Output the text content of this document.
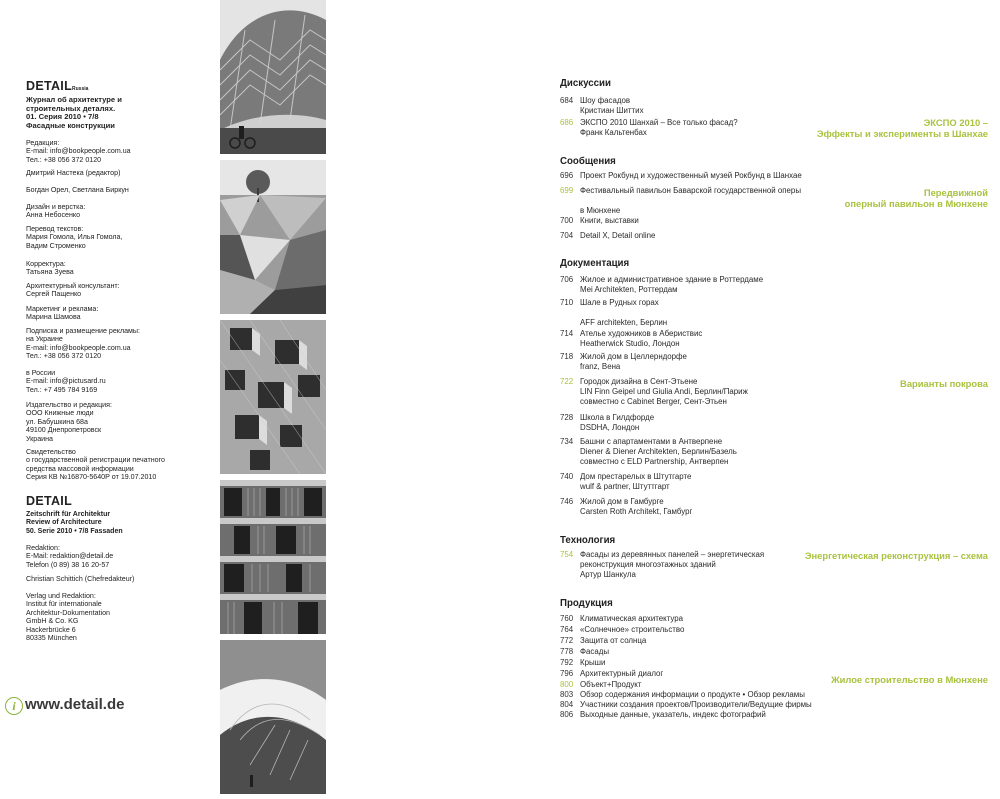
DETAILRussia
Журнал об архитектуре и
строительных деталях.
01. Серия 2010 • 7/8
Фасадные конструкции
Редакция:
E-mail: info@bookpeople.com.ua
Тел.: +38 056 372 0120
Дмитрий Настека (редактор)
Богдан Орел, Светлана Биркун
Дизайн и верстка:
Анна Небосенко
Перевод текстов:
Мария Гомола, Илья Гомола,
Вадим Строменко
Корректура:
Татьяна Зуева
Архитектурный консультант:
Сергей Пащенко
Маркетинг и реклама:
Марина Шамова
Подписка и размещение рекламы:
на Украине
E-mail: info@bookpeople.com.ua
Тел.: +38 056 372 0120
в России
E-mail: info@pictusard.ru
Тел.: +7 495 784 9169
Издательство и редакция:
ООО Книжные люди
ул. Бабушкина 68а
49100 Днепропетровск
Украина
Свидетельство
о государственной регистрации печатного
средства массовой информации
Серия КВ №16870-5640Р от 19.07.2010
DETAIL
Zeitschrift für Architektur
Review of Architecture
50. Serie 2010 • 7/8 Fassaden
Redaktion:
E-Mail: redaktion@detail.de
Telefon (0 89) 38 16 20-57
Christian Schittich (Chefredakteur)
Verlag und Redaktion:
Institut für internationale
Architektur-Dokumentation
GmbH & Co. KG
Hackerbrücke 6
80335 München
i www.detail.de
Дискуссии
684 Шоу фасадов
Кристиан Шиттих
686 ЭКСПО 2010 Шанхай – Все только фасад?
Франк Кальтенбах
Сообщения
696 Проект Рокбунд и художественный музей Рокбунд в Шанхае
699 Фестивальный павильон Баварской государственной оперы
в Мюнхене
700 Книги, выставки
704 Detail X, Detail online
Документация
706 Жилое и административное здание в Роттердаме
Mei Architekten, Роттердам
710 Шале в Рудных горах
AFF architekten, Берлин
714 Ателье художников в Абериствис
Heatherwick Studio, Лондон
718 Жилой дом в Целлерндорфе
franz, Вена
722 Городок дизайна в Сент-Этьене
LIN Finn Geipel und Giulia Andi, Берлин/Париж
совместно с Cabinet Berger, Сент-Этьен
728 Школа в Гилдфорде
DSDHA, Лондон
734 Башни с апартаментами в Антверпене
Diener & Diener Architekten, Берлин/Базель
совместно с ELD Partnership, Антверпен
740 Дом престарелых в Штутгарте
wulf & partner, Штуттгарт
746 Жилой дом в Гамбурге
Carsten Roth Architekt, Гамбург
Технология
754 Фасады из деревянных панелей – энергетическая
реконструкция многоэтажных зданий
Артур Шанкула
Продукция
760 Климатическая архитектура
764 «Солнечное» строительство
772 Защита от солнца
778 Фасады
792 Крыши
796 Архитектурный диалог
800 Объект+Продукт
803 Обзор содержания информации о продукте • Обзор рекламы
804 Участники создания проектов/Производители/Ведущие фирмы
806 Выходные данные, указатель, индекс фотографий
ЭКСПО 2010 –
Эффекты и эксперименты в Шанхае
Передвижной
оперный павильон в Мюнхене
Варианты покрова
Энергетическая реконструкция – схема
Жилое строительство в Мюнхене
